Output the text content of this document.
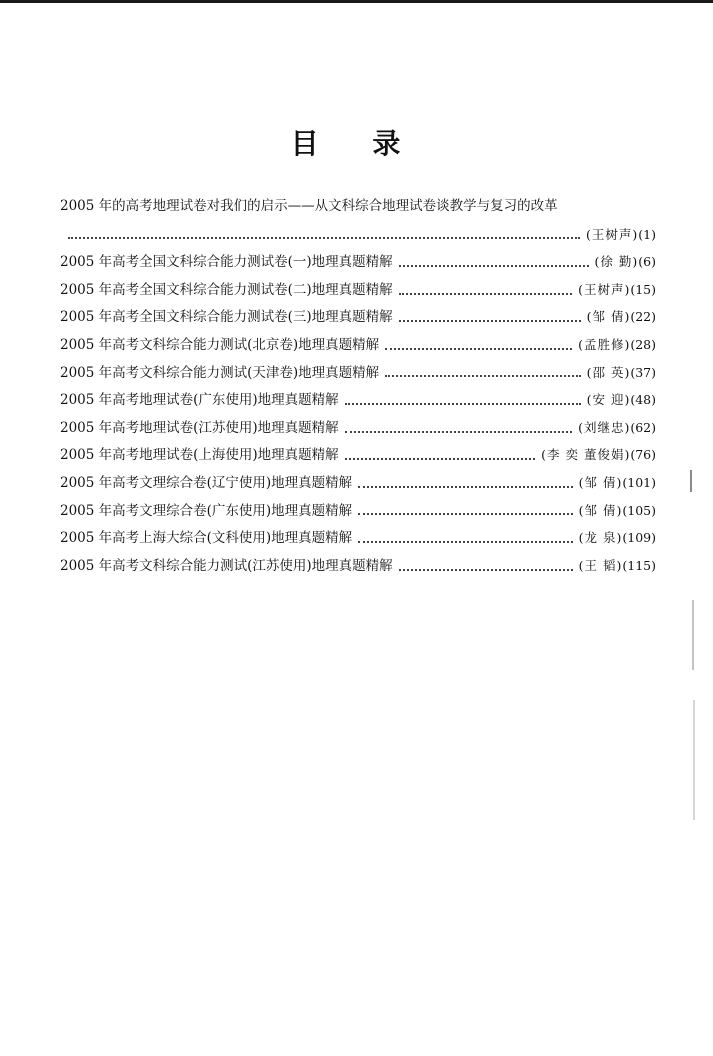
目 录
2005 年的高考地理试卷对我们的启示——从文科综合地理试卷谈教学与复习的改革
(王树声) (1)
2005 年高考全国文科综合能力测试卷(一)地理真题精解	(徐 勤) (6)
2005 年高考全国文科综合能力测试卷(二)地理真题精解	(王树声) (15)
2005 年高考全国文科综合能力测试卷(三)地理真题精解	(邹 倩) (22)
2005 年高考文科综合能力测试(北京卷)地理真题精解	(孟胜修) (28)
2005 年高考文科综合能力测试(天津卷)地理真题精解	(邵 英) (37)
2005 年高考地理试卷(广东使用)地理真题精解	(安 迎) (48)
2005 年高考地理试卷(江苏使用)地理真题精解	(刘继忠) (62)
2005 年高考地理试卷(上海使用)地理真题精解	(李 奕 董俊娟) (76)
2005 年高考文理综合卷(辽宁使用)地理真题精解	(邹 倩) (101)
2005 年高考文理综合卷(广东使用)地理真题精解	(邹 倩) (105)
2005 年高考上海大综合(文科使用)地理真题精解	(龙 泉) (109)
2005 年高考文科综合能力测试(江苏使用)地理真题精解	(王 韬) (115)
